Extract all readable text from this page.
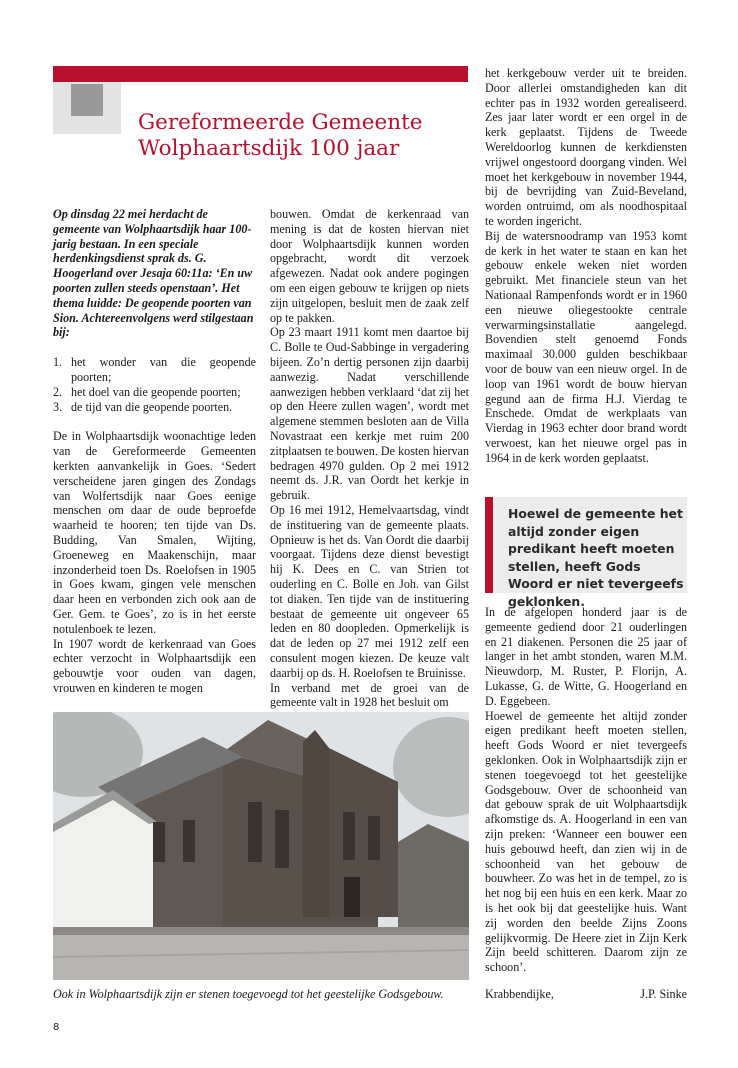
Gereformeerde Gemeente
Wolphaartsdijk 100 jaar

Op dinsdag 22 mei herdacht de gemeente van Wolphaartsdijk haar 100-jarig bestaan. In een speciale herdenkingsdienst sprak ds. G. Hoogerland over Jesaja 60:11a: ‘En uw poorten zullen steeds openstaan’. Het thema luidde: De geopende poorten van Sion. Achtereenvolgens werd stilgestaan bij:

1. het wonder van die geopende poorten;
2. het doel van die geopende poorten;
3. de tijd van die geopende poorten.

De in Wolphaartsdijk woonachtige leden van de Gereformeerde Gemeenten kerkten aanvankelijk in Goes. ‘Sedert verscheidene jaren gingen des Zondags van Wolfertsdijk naar Goes eenige menschen om daar de oude beproefde waarheid te hooren; ten tijde van Ds. Budding, Van Smalen, Wijting, Groeneweg en Maakenschijn, maar inzonderheid toen Ds. Roelofsen in 1905 in Goes kwam, gingen vele menschen daar heen en verbonden zich ook aan de Ger. Gem. te Goes’, zo is in het eerste notulenboek te lezen.

In 1907 wordt de kerkenraad van Goes echter verzocht in Wolphaartsdijk een gebouwtje voor ouden van dagen, vrouwen en kinderen te mogen

bouwen. Omdat de kerkenraad van mening is dat de kosten hiervan niet door Wolphaartsdijk kunnen worden opgebracht, wordt dit verzoek afgewezen. Nadat ook andere pogingen om een eigen gebouw te krijgen op niets zijn uitgelopen, besluit men de zaak zelf op te pakken.

Op 23 maart 1911 komt men daartoe bij C. Bolle te Oud-Sabbinge in vergadering bijeen. Zo’n dertig personen zijn daarbij aanwezig. Nadat verschillende aanwezigen hebben verklaard ‘dat zij het op den Heere zullen wagen’, wordt met algemene stemmen besloten aan de Villa Novastraat een kerkje met ruim 200 zitplaatsen te bouwen. De kosten hiervan bedragen 4970 gulden. Op 2 mei 1912 neemt ds. J.R. van Oordt het kerkje in gebruik.

Op 16 mei 1912, Hemelvaartsdag, vindt de instituering van de gemeente plaats. Opnieuw is het ds. Van Oordt die daarbij voorgaat. Tijdens deze dienst bevestigt hij K. Dees en C. van Strien tot ouderling en C. Bolle en Joh. van Gilst tot diaken. Ten tijde van de instituering bestaat de gemeente uit ongeveer 65 leden en 80 doopleden. Opmerkelijk is dat de leden op 27 mei 1912 zelf een consulent mogen kiezen. De keuze valt daarbij op ds. H. Roelofsen te Bruinisse.

In verband met de groei van de gemeente valt in 1928 het besluit om

het kerkgebouw verder uit te breiden. Door allerlei omstandigheden kan dit echter pas in 1932 worden gerealiseerd. Zes jaar later wordt er een orgel in de kerk geplaatst. Tijdens de Tweede Wereldoorlog kunnen de kerkdiensten vrijwel ongestoord doorgang vinden. Wel moet het kerkgebouw in november 1944, bij de bevrijding van Zuid-Beveland, worden ontruimd, om als noodhospitaal te worden ingericht.

Bij de watersnoodramp van 1953 komt de kerk in het water te staan en kan het gebouw enkele weken niet worden gebruikt. Met financiele steun van het Nationaal Rampenfonds wordt er in 1960 een nieuwe oliegestookte centrale verwarmingsinstallatie aangelegd. Bovendien stelt genoemd Fonds maximaal 30.000 gulden beschikbaar voor de bouw van een nieuw orgel. In de loop van 1961 wordt de bouw hiervan gegund aan de firma H.J. Vierdag te Enschede. Omdat de werkplaats van Vierdag in 1963 echter door brand wordt verwoest, kan het nieuwe orgel pas in 1964 in de kerk worden geplaatst.

Hoewel de gemeente het altijd zonder eigen predikant heeft moeten stellen, heeft Gods Woord er niet tevergeefs geklonken.

In de afgelopen honderd jaar is de gemeente gediend door 21 ouderlingen en 21 diakenen. Personen die 25 jaar of langer in het ambt stonden, waren M.M. Nieuwdorp, M. Ruster, P. Florijn, A. Lukasse, G. de Witte, G. Hoogerland en D. Eggebeen.

Hoewel de gemeente het altijd zonder eigen predikant heeft moeten stellen, heeft Gods Woord er niet tevergeefs geklonken. Ook in Wolphaartsdijk zijn er stenen toegevoegd tot het geestelijke Godsgebouw. Over de schoonheid van dat gebouw sprak de uit Wolphaartsdijk afkomstige ds. A. Hoogerland in een van zijn preken: ‘Wanneer een bouwer een huis gebouwd heeft, dan zien wij in de schoonheid van het gebouw de bouwheer. Zo was het in de tempel, zo is het nog bij een huis en een kerk. Maar zo is het ook bij dat geestelijke huis. Want zij worden den beelde Zijns Zoons gelijkvormig. De Heere ziet in Zijn Kerk Zijn beeld schitteren. Daarom zijn ze schoon’.

Ook in Wolphaartsdijk zijn er stenen toegevoegd tot het geestelijke Godsgebouw.	Krabbendijke,	J.P. Sinke
8
